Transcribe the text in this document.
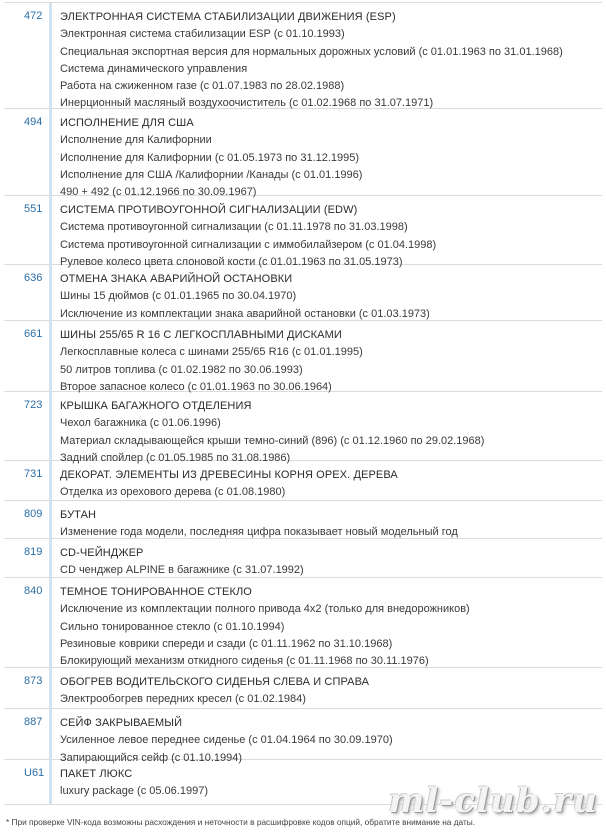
472	ЭЛЕКТРОННАЯ СИСТЕМА СТАБИЛИЗАЦИИ ДВИЖЕНИЯ (ESP)
Электронная система стабилизации ESP (с 01.10.1993)
Специальная экспортная версия для нормальных дорожных условий (с 01.01.1963 по 31.01.1968)
Система динамического управления
Работа на сжиженном газе (с 01.07.1983 по 28.02.1988)
Инерционный масляный воздухоочиститель (с 01.02.1968 по 31.07.1971)
494	ИСПОЛНЕНИЕ ДЛЯ США
Исполнение для Калифорнии
Исполнение для Калифорнии (с 01.05.1973 по 31.12.1995)
Исполнение для США /Калифорнии /Канады (с 01.01.1996)
490 + 492 (с 01.12.1966 по 30.09.1967)
551	СИСТЕМА ПРОТИВОУГОННОЙ СИГНАЛИЗАЦИИ (EDW)
Система противоугонной сигнализации (с 01.11.1978 по 31.03.1998)
Система противоугонной сигнализации с иммобилайзером (с 01.04.1998)
Рулевое колесо цвета слоновой кости (с 01.01.1963 по 31.05.1973)
636	ОТМЕНА ЗНАКА АВАРИЙНОЙ ОСТАНОВКИ
Шины 15 дюймов (с 01.01.1965 по 30.04.1970)
Исключение из комплектации знака аварийной остановки (с 01.03.1973)
661	ШИНЫ 255/65 R 16 С ЛЕГКОСПЛАВНЫМИ ДИСКАМИ
Легкосплавные колеса с шинами 255/65 R16 (с 01.01.1995)
50 литров топлива (с 01.02.1982 по 30.06.1993)
Второе запасное колесо (с 01.01.1963 по 30.06.1964)
723	КРЫШКА БАГАЖНОГО ОТДЕЛЕНИЯ
Чехол багажника (с 01.06.1996)
Материал складывающейся крыши темно-синий (896) (с 01.12.1960 по 29.02.1968)
Задний спойлер (с 01.05.1985 по 31.08.1986)
731	ДЕКОРАТ. ЭЛЕМЕНТЫ ИЗ ДРЕВЕСИНЫ КОРНЯ ОРЕХ. ДЕРЕВА
Отделка из орехового дерева (с 01.08.1980)
809	БУТАН
Изменение года модели, последняя цифра показывает новый модельный год
819	CD-ЧЕЙНДЖЕР
CD ченджер ALPINE в багажнике (с 31.07.1992)
840	ТЕМНОЕ ТОНИРОВАННОЕ СТЕКЛО
Исключение из комплектации полного привода 4x2 (только для внедорожников)
Сильно тонированное стекло (с 01.10.1994)
Резиновые коврики спереди и сзади (с 01.11.1962 по 31.10.1968)
Блокирующий механизм откидного сиденья (с 01.11.1968 по 30.11.1976)
873	ОБОГРЕВ ВОДИТЕЛЬСКОГО СИДЕНЬЯ СЛЕВА И СПРАВА
Электрообогрев передних кресел (с 01.02.1984)
887	СЕЙФ ЗАКРЫВАЕМЫЙ
Усиленное левое переднее сиденье (с 01.04.1964 по 30.09.1970)
Запирающийся сейф (с 01.10.1994)
U61	ПАКЕТ ЛЮКС
luxury package (с 05.06.1997)
* При проверке VIN-кода возможны расхождения и неточности в расшифровке кодов опций, обратите внимание на даты.
ml-club.ru
